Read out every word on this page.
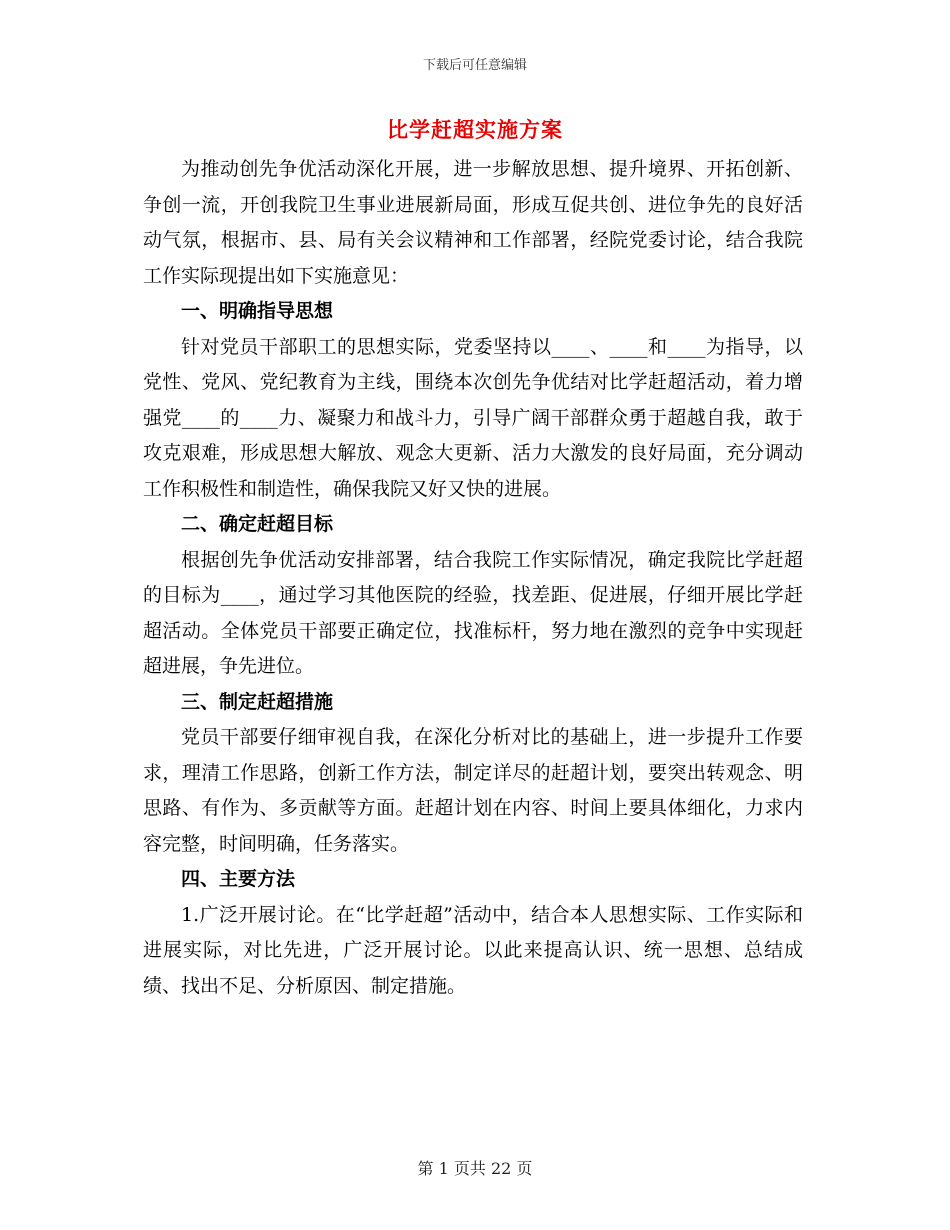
下载后可任意编辑
比学赶超实施方案

为推动创先争优活动深化开展，进一步解放思想、提升境界、开拓创新、争创一流，开创我院卫生事业进展新局面，形成互促共创、进位争先的良好活动气氛，根据市、县、局有关会议精神和工作部署，经院党委讨论，结合我院工作实际现提出如下实施意见：

一、明确指导思想

针对党员干部职工的思想实际，党委坚持以____、____和____为指导，以党性、党风、党纪教育为主线，围绕本次创先争优结对比学赶超活动，着力增强党____的____力、凝聚力和战斗力，引导广阔干部群众勇于超越自我，敢于攻克艰难，形成思想大解放、观念大更新、活力大激发的良好局面，充分调动工作积极性和制造性，确保我院又好又快的进展。

二、确定赶超目标

根据创先争优活动安排部署，结合我院工作实际情况，确定我院比学赶超的目标为____，通过学习其他医院的经验，找差距、促进展，仔细开展比学赶超活动。全体党员干部要正确定位，找准标杆，努力地在激烈的竞争中实现赶超进展，争先进位。

三、制定赶超措施

党员干部要仔细审视自我，在深化分析对比的基础上，进一步提升工作要求，理清工作思路，创新工作方法，制定详尽的赶超计划，要突出转观念、明思路、有作为、多贡献等方面。赶超计划在内容、时间上要具体细化，力求内容完整，时间明确，任务落实。

四、主要方法

1.广泛开展讨论。在“比学赶超”活动中，结合本人思想实际、工作实际和进展实际，对比先进，广泛开展讨论。以此来提高认识、统一思想、总结成绩、找出不足、分析原因、制定措施。

第 1 页共 22 页
